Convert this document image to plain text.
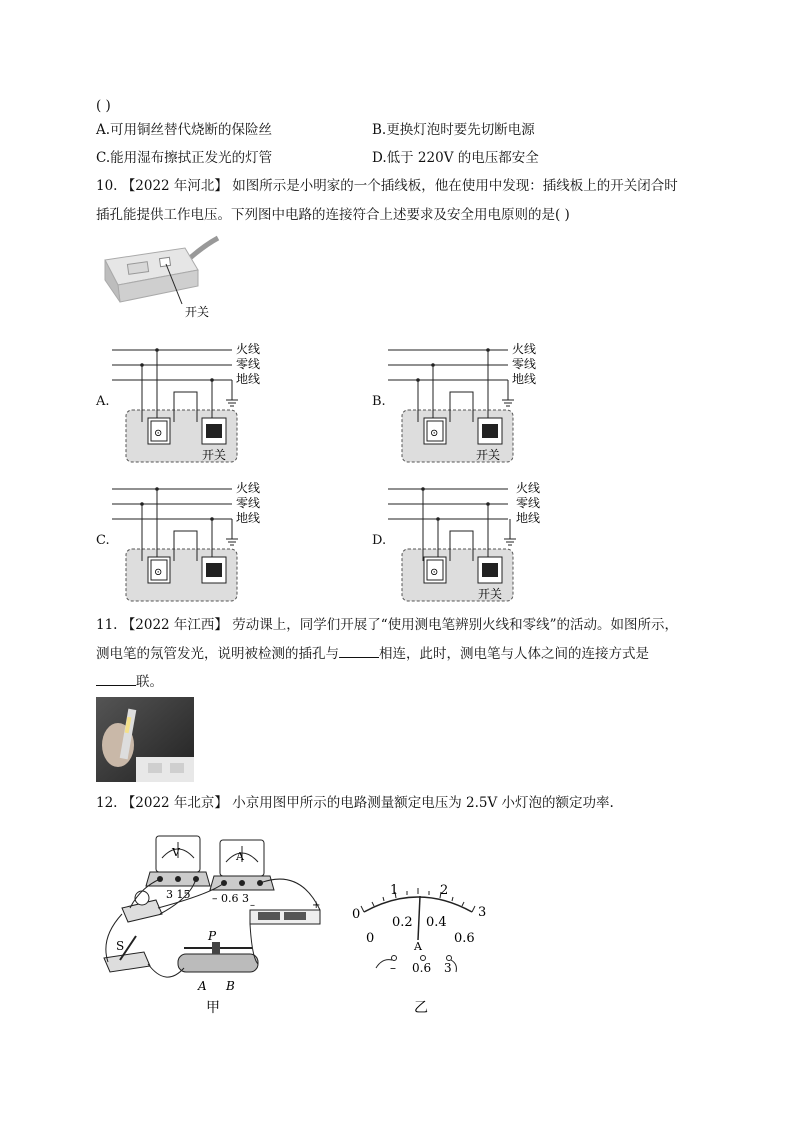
( )
A.可用铜丝替代烧断的保险丝	B.更换灯泡时要先切断电源
C.能用湿布擦拭正发光的灯管	D.低于 220V 的电压都安全
10. 【2022 年河北】 如图所示是小明家的一个插线板，他在使用中发现：插线板上的开关闭合时
插孔能提供工作电压。下列图中电路的连接符合上述要求及安全用电原则的是( )
开关
A.
火线
零线
地线
⊙
开关
B.
火线
零线
地线
⊙
开关
C.
火线
零线
地线
⊙
D.
火线
零线
地线
⊙
开关
11. 【2022 年江西】 劳动课上，同学们开展了“使用测电笔辨别火线和零线”的活动。如图所示，
测电笔的氖管发光，说明被检测的插孔与	相连，此时，测电笔与人体之间的连接方式是
联。
12. 【2022 年北京】 小京用图甲所示的电路测量额定电压为 2.5V 小灯泡的额定功率.
V
3 15
A
– 0.6 3
–	+
S
P
A B
甲
0
1	2
3
0
0.2 0.4
0.6
A
– 0.6 3
乙
